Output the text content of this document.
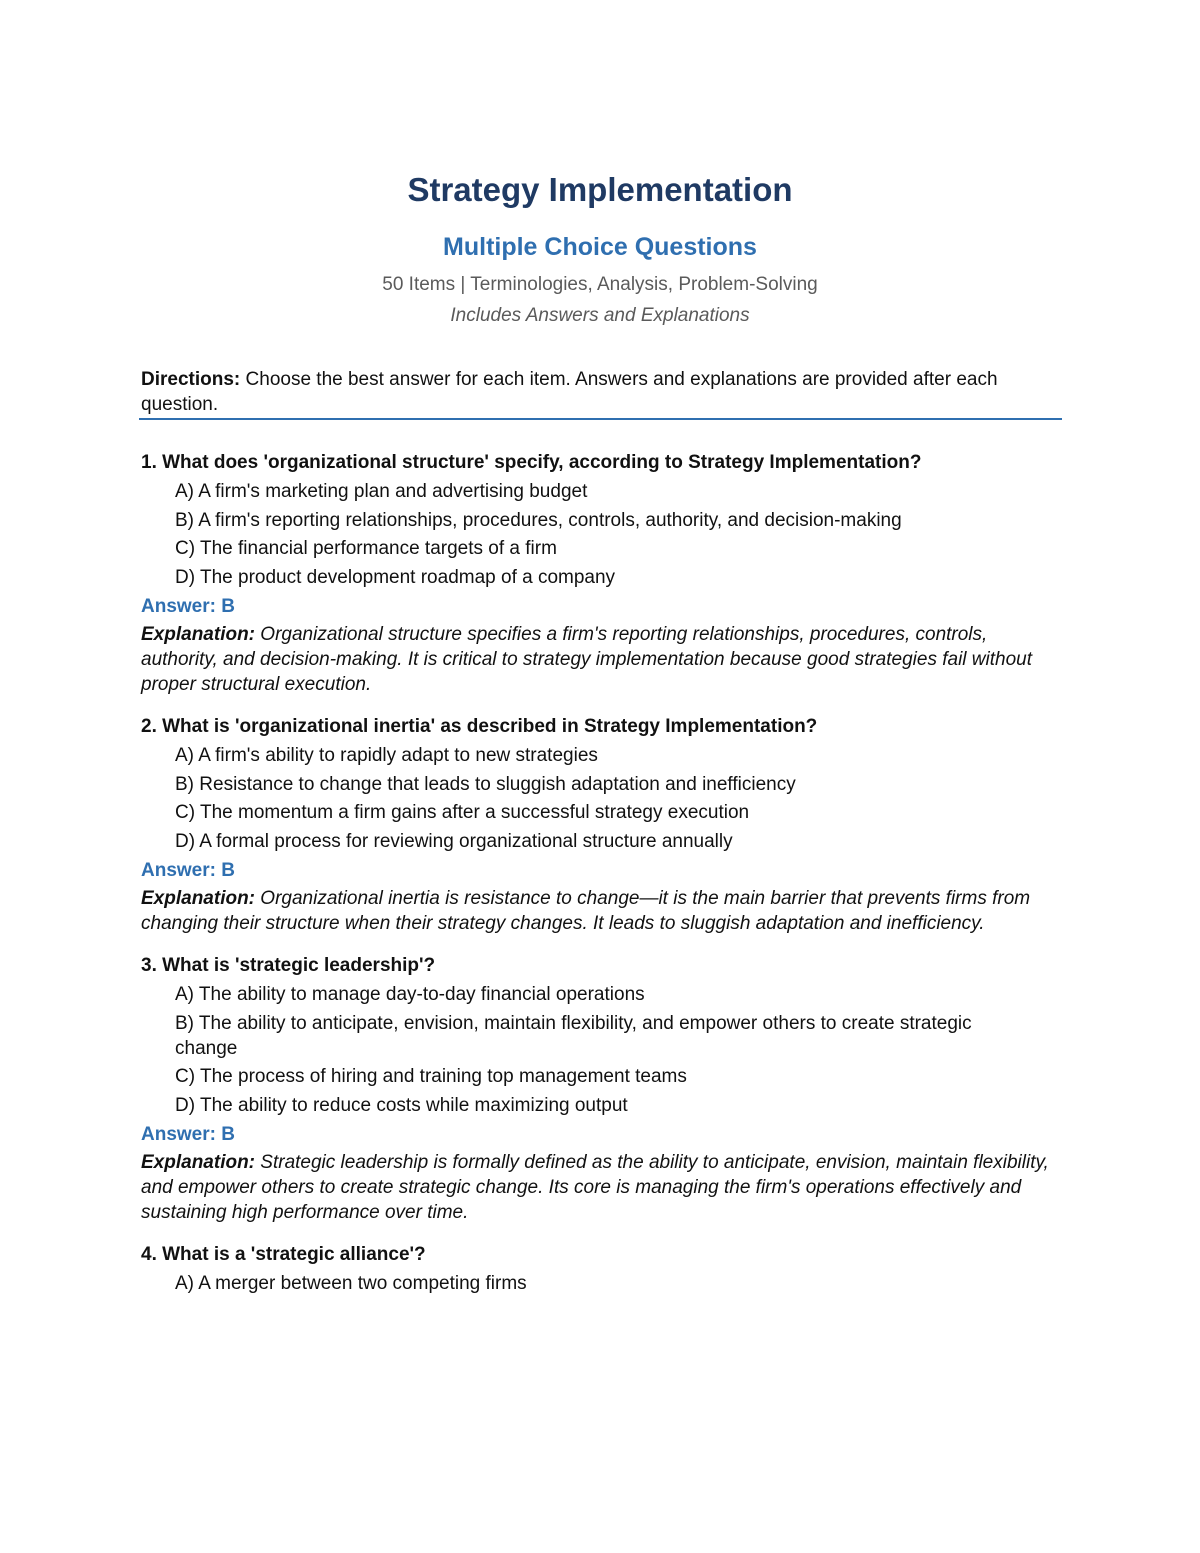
Strategy Implementation
Multiple Choice Questions
50 Items | Terminologies, Analysis, Problem-Solving
Includes Answers and Explanations
Directions: Choose the best answer for each item. Answers and explanations are provided after each question.

1. What does 'organizational structure' specify, according to Strategy Implementation?

A) A firm's marketing plan and advertising budget
B) A firm's reporting relationships, procedures, controls, authority, and decision-making
C) The financial performance targets of a firm
D) The product development roadmap of a company
Answer: B
Explanation: Organizational structure specifies a firm's reporting relationships, procedures, controls, authority, and decision-making. It is critical to strategy implementation because good strategies fail without proper structural execution.

2. What is 'organizational inertia' as described in Strategy Implementation?

A) A firm's ability to rapidly adapt to new strategies
B) Resistance to change that leads to sluggish adaptation and inefficiency
C) The momentum a firm gains after a successful strategy execution
D) A formal process for reviewing organizational structure annually
Answer: B
Explanation: Organizational inertia is resistance to change—it is the main barrier that prevents firms from changing their structure when their strategy changes. It leads to sluggish adaptation and inefficiency.

3. What is 'strategic leadership'?

A) The ability to manage day-to-day financial operations
B) The ability to anticipate, envision, maintain flexibility, and empower others to create strategic change
C) The process of hiring and training top management teams
D) The ability to reduce costs while maximizing output
Answer: B
Explanation: Strategic leadership is formally defined as the ability to anticipate, envision, maintain flexibility, and empower others to create strategic change. Its core is managing the firm's operations effectively and sustaining high performance over time.

4. What is a 'strategic alliance'?

A) A merger between two competing firms
